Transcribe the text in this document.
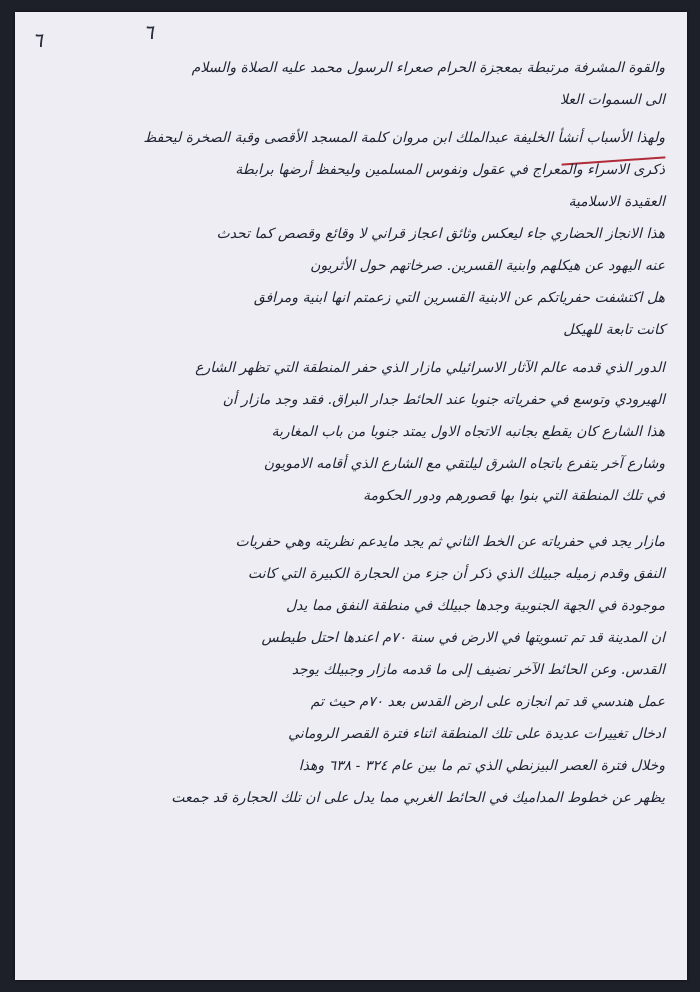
٦	٦
والقوة المشرفة مرتبطة بمعجزة الحرام صعراء الرسول محمد عليه الصلاة والسلام
الى السموات العلا
ولهذا الأسباب أنشأ الخليفة عبدالملك ابن مروان كلمة المسجد الأقصى وقبة الصخرة ليحفظ
ذكرى الاسراء والمعراج في عقول ونفوس المسلمين وليحفظ أرضها برابطة
العقيدة الاسلامية
هذا الانجاز الحضاري جاء ليعكس وثائق اعجاز قراني لا وقائع وقصص كما تحدث
عنه اليهود عن هيكلهم وابنية القسرين. صرخاتهم حول الأثريون
هل اكتشفت حفرياتكم عن الابنية القسرين التي زعمتم انها ابنية ومرافق
كانت تابعة للهيكل
الدور الذي قدمه عالم الآثار الاسرائيلي مازار الذي حفر المنطقة التي تظهر الشارع
الهيرودي وتوسع في حفرياته جنوبا عند الحائط جدار البراق. فقد وجد مازار أن
هذا الشارع كان يقطع بجانبه الاتجاه الاول يمتد جنوبا من باب المغاربة
وشارع آخر يتفرع باتجاه الشرق ليلتقي مع الشارع الذي أقامه الامويون
في تلك المنطقة التي بنوا بها قصورهم ودور الحكومة
مازار يجد في حفرياته عن الخط الثاني ثم يجد مايدعم نظريته وهي حفريات
النفق وقدم زميله جبيلك الذي ذكر أن جزء من الحجارة الكبيرة التي كانت
موجودة في الجهة الجنوبية وجدها جبيلك في منطقة النفق مما يدل
ان المدينة قد تم تسويتها في الارض في سنة ٧٠م اعندها احتل طيطس
القدس. وعن الحائط الآخر نضيف إلى ما قدمه مازار وجبيلك يوجد
عمل هندسي قد تم انجازه على ارض القدس بعد ٧٠م حيث تم
ادخال تغييرات عديدة على تلك المنطقة اثناء فترة القصر الروماني
وخلال فترة العصر البيزنطي الذي تم ما بين عام ٣٢٤ - ٦٣٨ وهذا
يظهر عن خطوط المداميك في الحائط الغربي مما يدل على ان تلك الحجارة قد جمعت
